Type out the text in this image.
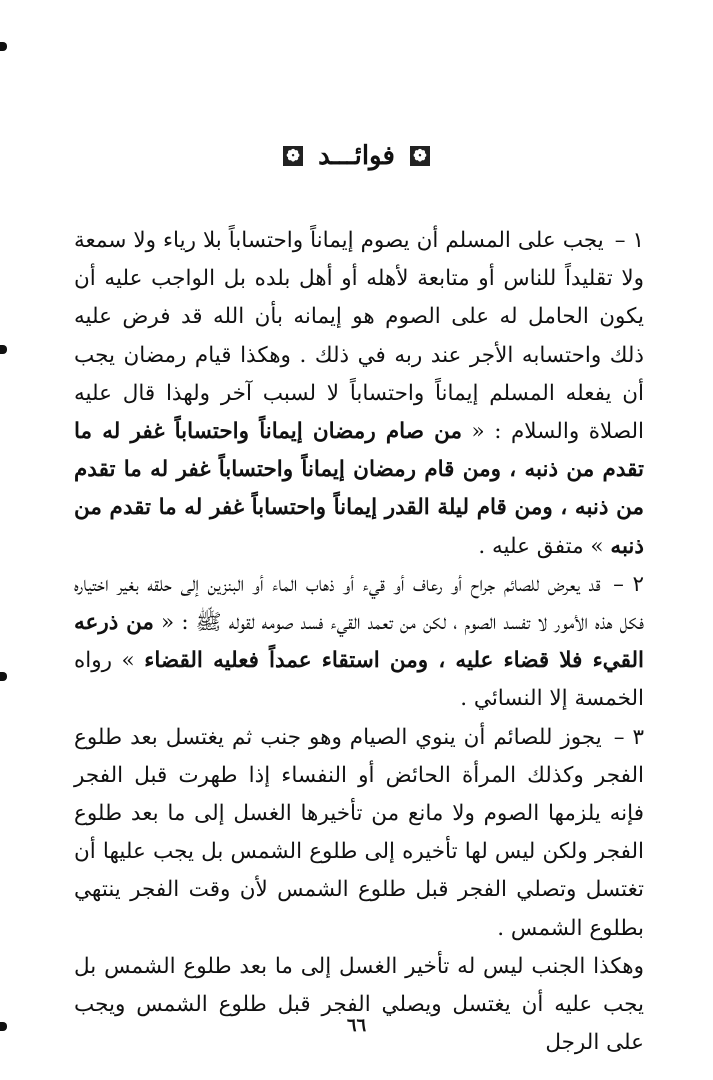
❁ فوائـــد ❁

١ – يجب على المسلم أن يصوم إيماناً واحتساباً بلا رياء ولا سمعة ولا تقليداً للناس أو متابعة لأهله أو أهل بلده بل الواجب عليه أن يكون الحامل له على الصوم هو إيمانه بأن الله قد فرض عليه ذلك واحتسابه الأجر عند ربه في ذلك . وهكذا قيام رمضان يجب أن يفعله المسلم إيماناً واحتساباً لا لسبب آخر ولهذا قال عليه الصلاة والسلام : « من صام رمضان إيماناً واحتساباً غفر له ما تقدم من ذنبه ، ومن قام رمضان إيماناً واحتساباً غفر له ما تقدم من ذنبه ، ومن قام ليلة القدر إيماناً واحتساباً غفر له ما تقدم من ذنبه » متفق عليه .

٢ – قد يعرض للصائم جراح أو رعاف أو قيء أو ذهاب الماء أو البنزين إلى حلقه بغير اختياره فكل هذه الأمور لا تفسد الصوم ، لكن من تعمد القيء فسد صومه لقوله ﷺ : « من ذرعه القيء فلا قضاء عليه ، ومن استقاء عمداً فعليه القضاء » رواه الخمسة إلا النسائي .

٣ – يجوز للصائم أن ينوي الصيام وهو جنب ثم يغتسل بعد طلوع الفجر وكذلك المرأة الحائض أو النفساء إذا طهرت قبل الفجر فإنه يلزمها الصوم ولا مانع من تأخيرها الغسل إلى ما بعد طلوع الفجر ولكن ليس لها تأخيره إلى طلوع الشمس بل يجب عليها أن تغتسل وتصلي الفجر قبل طلوع الشمس لأن وقت الفجر ينتهي بطلوع الشمس .

وهكذا الجنب ليس له تأخير الغسل إلى ما بعد طلوع الشمس بل يجب عليه أن يغتسل ويصلي الفجر قبل طلوع الشمس ويجب على الرجل

٦٦
